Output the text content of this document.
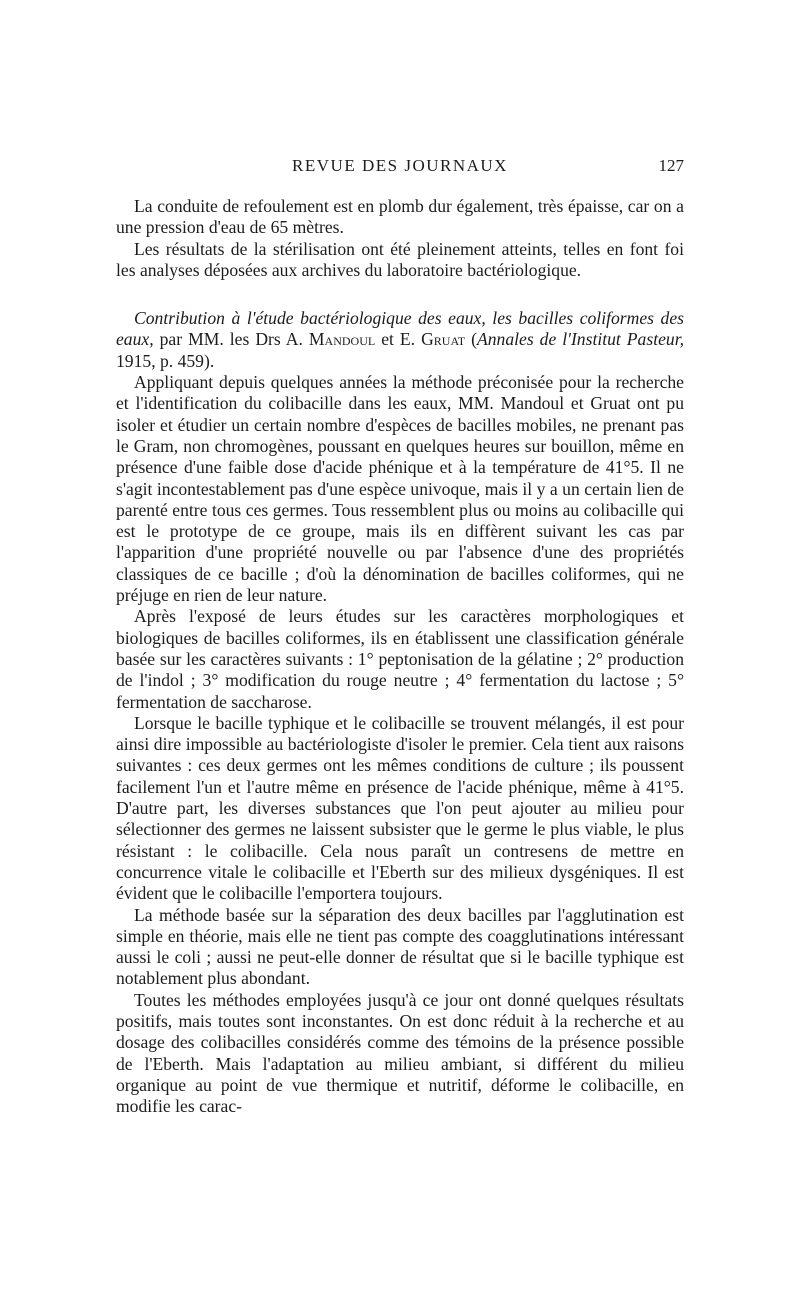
REVUE DES JOURNAUX	127

La conduite de refoulement est en plomb dur également, très épaisse, car on a une pression d'eau de 65 mètres.

Les résultats de la stérilisation ont été pleinement atteints, telles en font foi les analyses déposées aux archives du laboratoire bactériologique.

Contribution à l'étude bactériologique des eaux, les bacilles coliformes des eaux, par MM. les Drs A. Mandoul et E. Gruat (Annales de l'Institut Pasteur, 1915, p. 459).

Appliquant depuis quelques années la méthode préconisée pour la recherche et l'identification du colibacille dans les eaux, MM. Mandoul et Gruat ont pu isoler et étudier un certain nombre d'espèces de bacilles mobiles, ne prenant pas le Gram, non chromogènes, poussant en quelques heures sur bouillon, même en présence d'une faible dose d'acide phénique et à la température de 41°5. Il ne s'agit incontestablement pas d'une espèce univoque, mais il y a un certain lien de parenté entre tous ces germes. Tous ressemblent plus ou moins au colibacille qui est le prototype de ce groupe, mais ils en diffèrent suivant les cas par l'apparition d'une propriété nouvelle ou par l'absence d'une des propriétés classiques de ce bacille ; d'où la dénomination de bacilles coliformes, qui ne préjuge en rien de leur nature.

Après l'exposé de leurs études sur les caractères morphologiques et biologiques de bacilles coliformes, ils en établissent une classification générale basée sur les caractères suivants : 1° peptonisation de la gélatine ; 2° production de l'indol ; 3° modification du rouge neutre ; 4° fermentation du lactose ; 5° fermentation de saccharose.

Lorsque le bacille typhique et le colibacille se trouvent mélangés, il est pour ainsi dire impossible au bactériologiste d'isoler le premier. Cela tient aux raisons suivantes : ces deux germes ont les mêmes conditions de culture ; ils poussent facilement l'un et l'autre même en présence de l'acide phénique, même à 41°5. D'autre part, les diverses substances que l'on peut ajouter au milieu pour sélectionner des germes ne laissent subsister que le germe le plus viable, le plus résistant : le colibacille. Cela nous paraît un contresens de mettre en concurrence vitale le colibacille et l'Eberth sur des milieux dysgéniques. Il est évident que le colibacille l'emportera toujours.

La méthode basée sur la séparation des deux bacilles par l'agglutination est simple en théorie, mais elle ne tient pas compte des coagglutinations intéressant aussi le coli ; aussi ne peut-elle donner de résultat que si le bacille typhique est notablement plus abondant.

Toutes les méthodes employées jusqu'à ce jour ont donné quelques résultats positifs, mais toutes sont inconstantes. On est donc réduit à la recherche et au dosage des colibacilles considérés comme des témoins de la présence possible de l'Eberth. Mais l'adaptation au milieu ambiant, si différent du milieu organique au point de vue thermique et nutritif, déforme le colibacille, en modifie les carac-
